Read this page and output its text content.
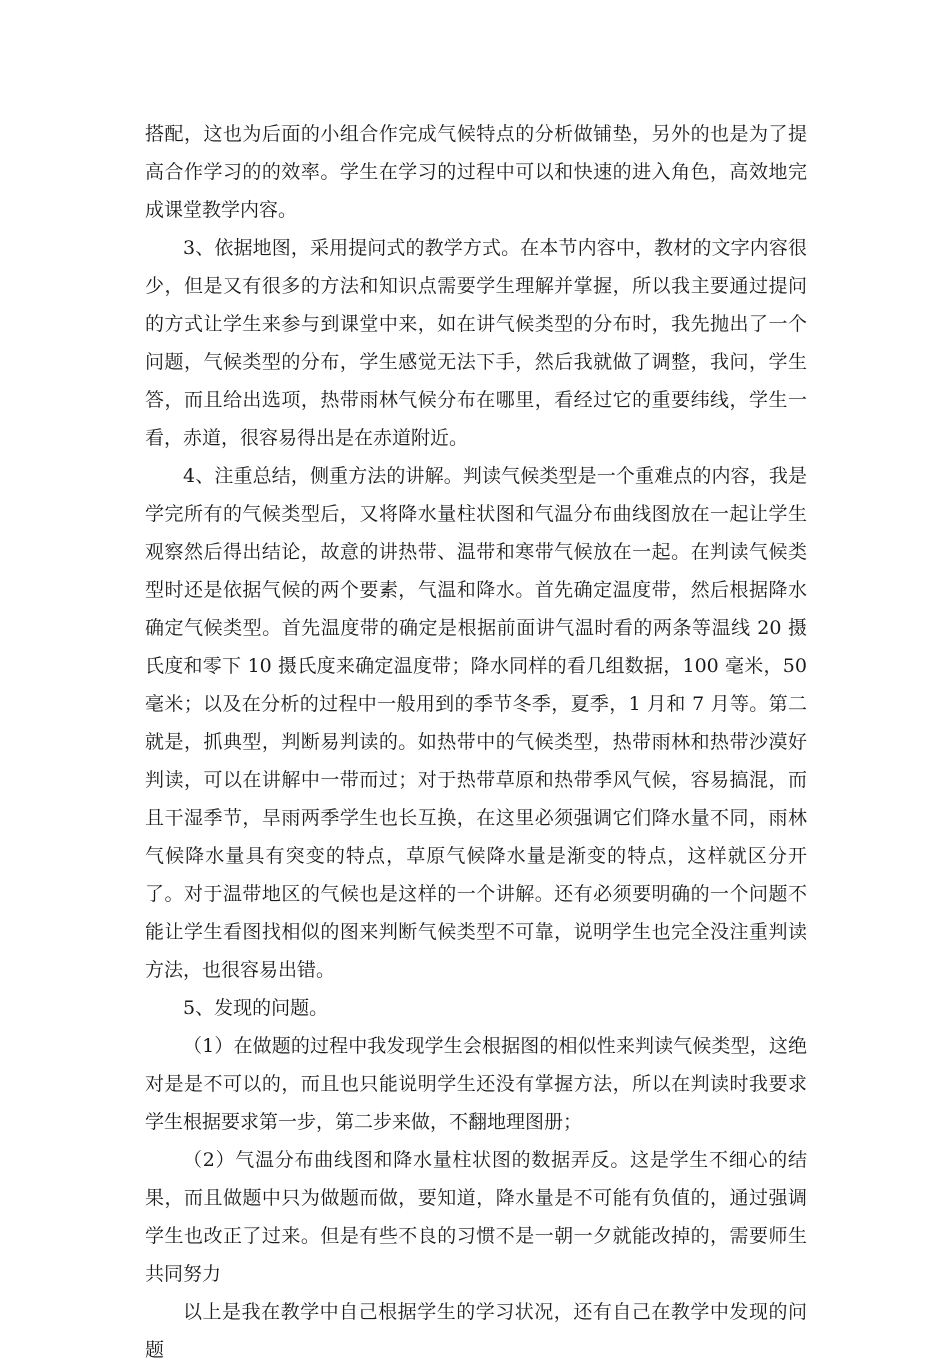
搭配，这也为后面的小组合作完成气候特点的分析做铺垫，另外的也是为了提高合作学习的的效率。学生在学习的过程中可以和快速的进入角色，高效地完成课堂教学内容。

3、依据地图，采用提问式的教学方式。在本节内容中，教材的文字内容很少，但是又有很多的方法和知识点需要学生理解并掌握，所以我主要通过提问的方式让学生来参与到课堂中来，如在讲气候类型的分布时，我先抛出了一个问题，气候类型的分布，学生感觉无法下手，然后我就做了调整，我问，学生答，而且给出选项，热带雨林气候分布在哪里，看经过它的重要纬线，学生一看，赤道，很容易得出是在赤道附近。

4、注重总结，侧重方法的讲解。判读气候类型是一个重难点的内容，我是学完所有的气候类型后，又将降水量柱状图和气温分布曲线图放在一起让学生观察然后得出结论，故意的讲热带、温带和寒带气候放在一起。在判读气候类型时还是依据气候的两个要素，气温和降水。首先确定温度带，然后根据降水确定气候类型。首先温度带的确定是根据前面讲气温时看的两条等温线 20 摄氏度和零下 10 摄氏度来确定温度带；降水同样的看几组数据，100 毫米，50 毫米；以及在分析的过程中一般用到的季节冬季，夏季，1 月和 7 月等。第二就是，抓典型，判断易判读的。如热带中的气候类型，热带雨林和热带沙漠好判读，可以在讲解中一带而过；对于热带草原和热带季风气候，容易搞混，而且干湿季节，旱雨两季学生也长互换，在这里必须强调它们降水量不同，雨林气候降水量具有突变的特点，草原气候降水量是渐变的特点，这样就区分开了。对于温带地区的气候也是这样的一个讲解。还有必须要明确的一个问题不能让学生看图找相似的图来判断气候类型不可靠，说明学生也完全没注重判读方法，也很容易出错。

5、发现的问题。

（1）在做题的过程中我发现学生会根据图的相似性来判读气候类型，这绝对是是不可以的，而且也只能说明学生还没有掌握方法，所以在判读时我要求学生根据要求第一步，第二步来做，不翻地理图册；

（2）气温分布曲线图和降水量柱状图的数据弄反。这是学生不细心的结果，而且做题中只为做题而做，要知道，降水量是不可能有负值的，通过强调学生也改正了过来。但是有些不良的习惯不是一朝一夕就能改掉的，需要师生共同努力

以上是我在教学中自己根据学生的学习状况，还有自己在教学中发现的问题
